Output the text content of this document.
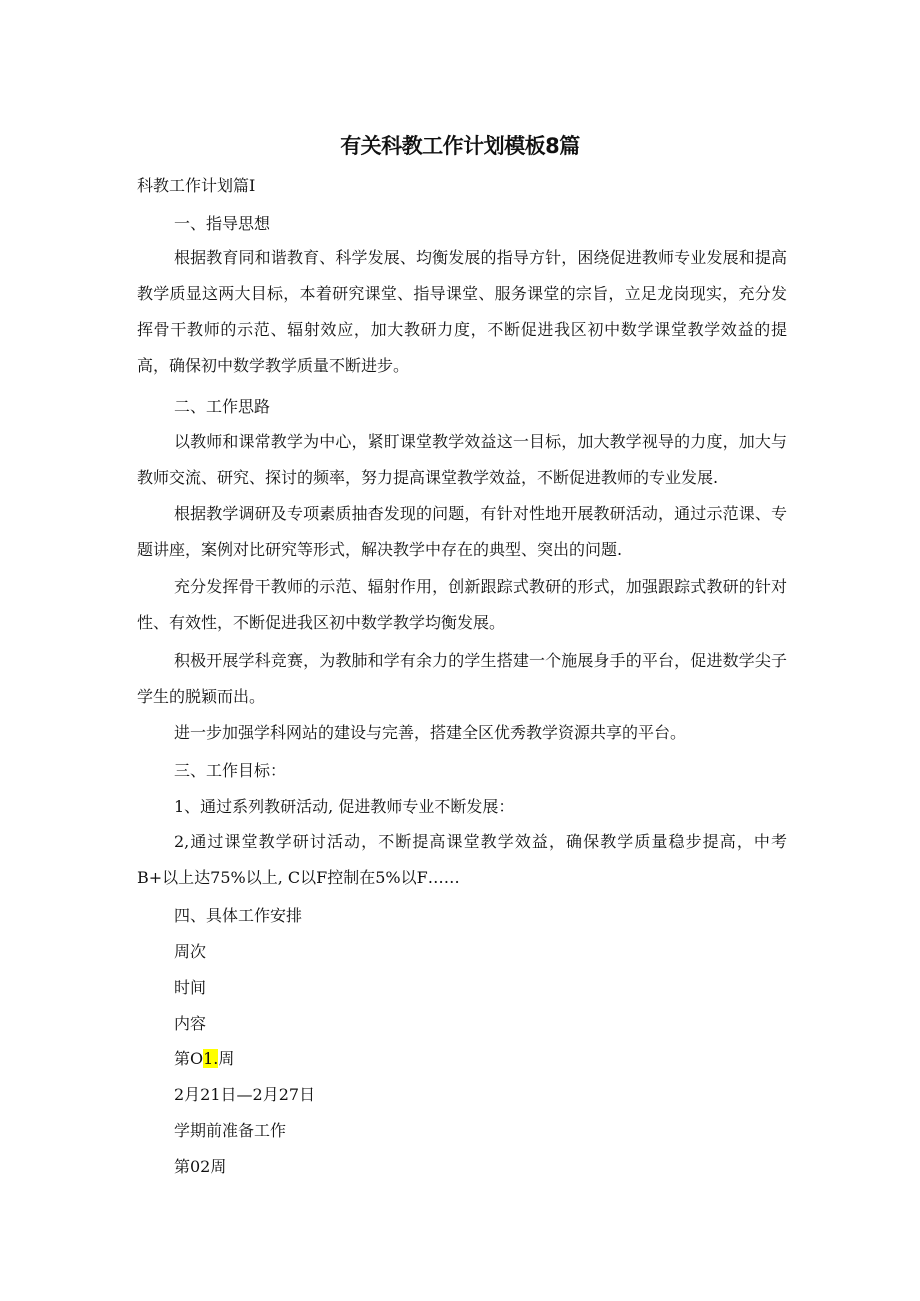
有关科教工作计划模板8篇

科教工作计划篇I

一、指导思想

根据教育同和谐教育、科学发展、均衡发展的指导方针，困绕促进教师专业发展和提高教学质显这两大目标，本着研究课堂、指导课堂、服务课堂的宗旨，立足龙岗现实，充分发挥骨干教师的示范、辐射效应，加大教研力度，不断促进我区初中数学课堂教学效益的提高，确保初中数学教学质量不断进步。

二、工作思路

以教师和课常教学为中心，紧盯课堂教学效益这一目标，加大教学视导的力度，加大与教师交流、研究、探讨的频率，努力提高课堂教学效益，不断促进教师的专业发展.

根据教学调研及专项素质抽杳发现的问题，有针对性地开展教研活动，通过示范课、专题讲座，案例对比研究等形式，解决教学中存在的典型、突出的问题.

充分发挥骨干教师的示范、辐射作用，创新跟踪式教研的形式，加强跟踪式教研的针对性、有效性，不断促进我区初中数学教学均衡发展。

积极开展学科竞赛，为教肺和学有余力的学生搭建一个施展身手的平台，促进数学尖子学生的脱颖而出。

进一步加强学科网站的建设与完善，搭建全区优秀教学资源共享的平台。

三、工作目标：

1、通过系列教研活动, 促进教师专业不断发展：

2,通过课堂教学研讨活动，不断提高课堂教学效益，确保教学质量稳步提高，中考B+以上达75%以上, C以F控制在5%以F……

四、具体工作安排

周次

时间

内容

第O1.周

2月21日—2月27日

学期前准备工作

第02周
